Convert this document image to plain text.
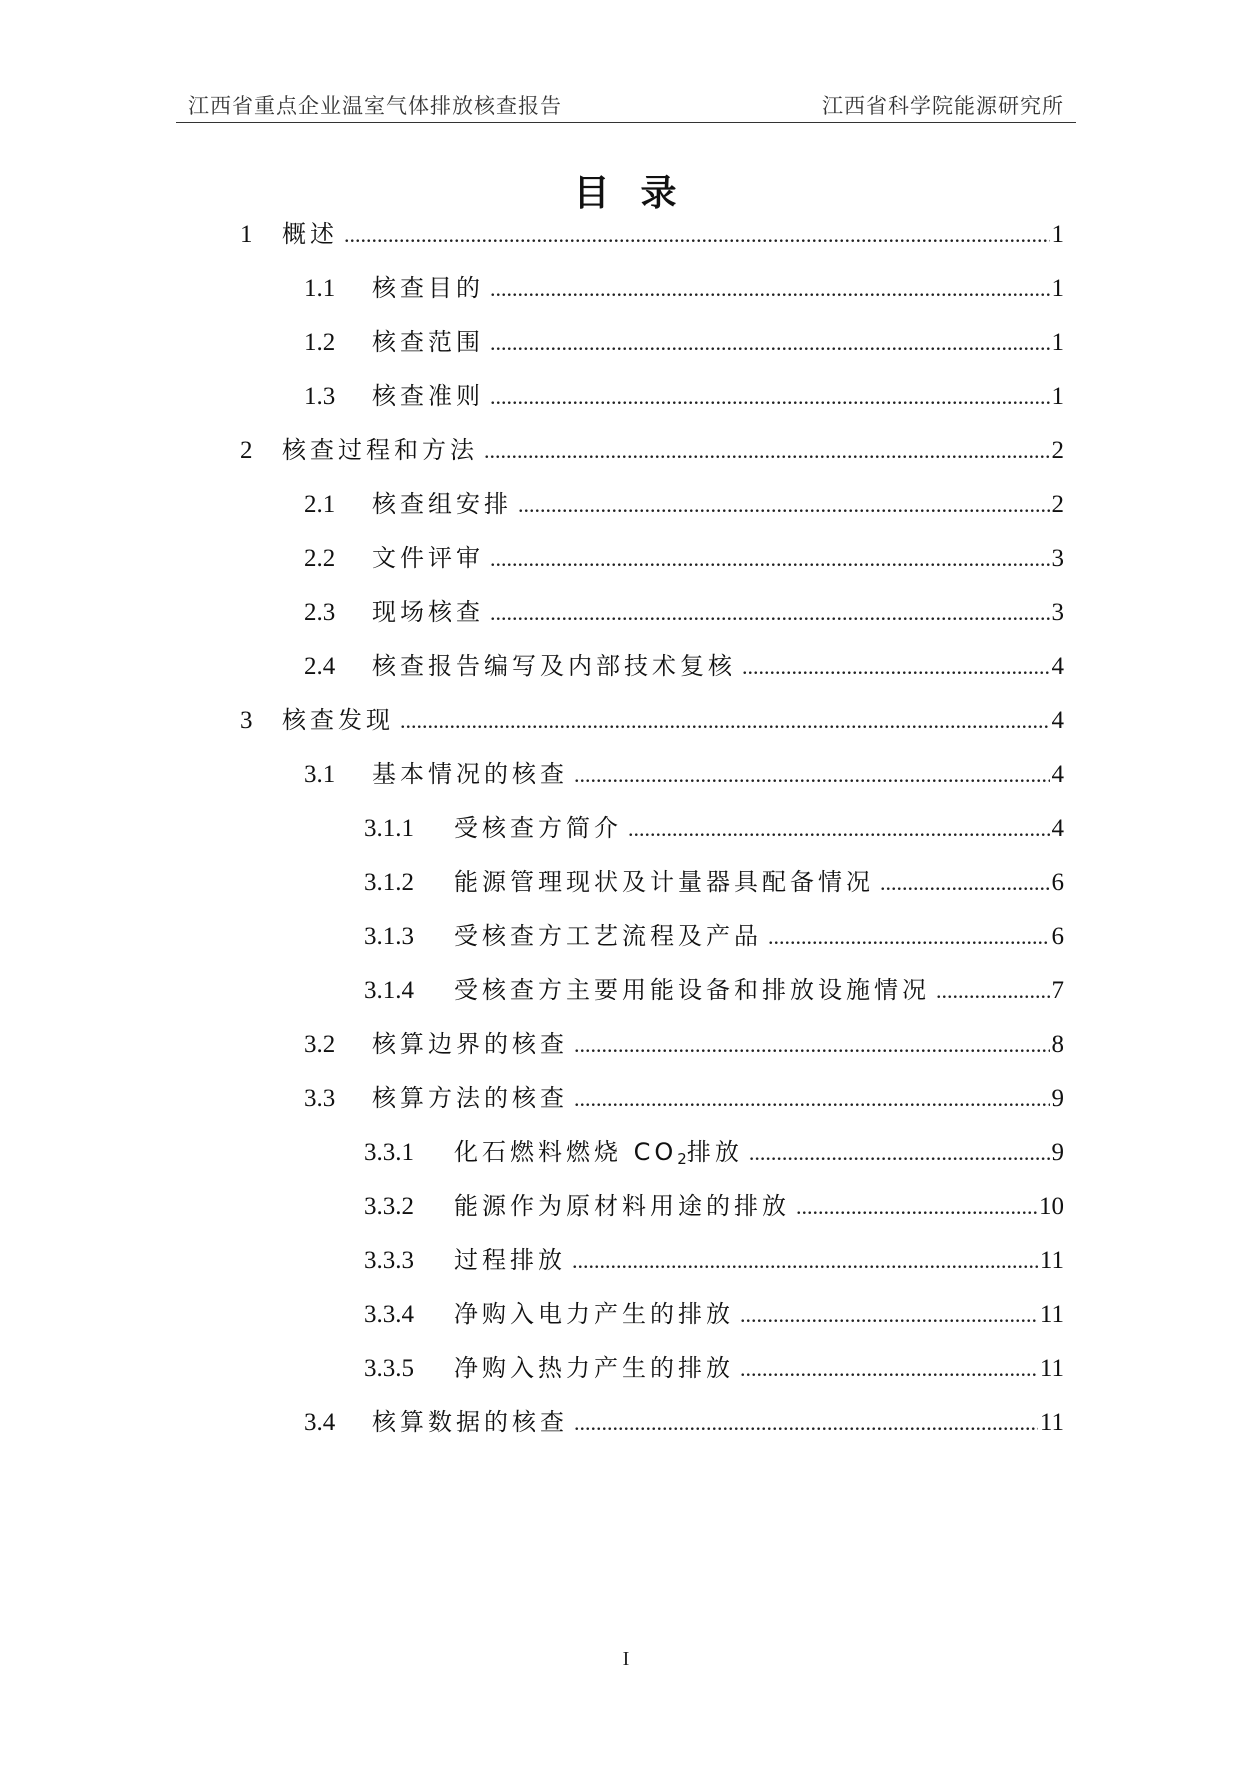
江西省重点企业温室气体排放核查报告	江西省科学院能源研究所
目  录
1	概述 .....	1
1.1	核查目的 .....	1
1.2	核查范围 .....	1
1.3	核查准则 .....	1
2	核查过程和方法 .....	2
2.1	核查组安排 .....	2
2.2	文件评审 .....	3
2.3	现场核查 .....	3
2.4	核查报告编写及内部技术复核 .....	4
3	核查发现 .....	4
3.1	基本情况的核查 .....	4
3.1.1	受核查方简介 .....	4
3.1.2	能源管理现状及计量器具配备情况 .....	6
3.1.3	受核查方工艺流程及产品 .....	6
3.1.4	受核查方主要用能设备和排放设施情况 .....	7
3.2	核算边界的核查 .....	8
3.3	核算方法的核查 .....	9
3.3.1	化石燃料燃烧 $CO_2$排放 .....	9
3.3.2	能源作为原材料用途的排放 .....	10
3.3.3	过程排放 .....	11
3.3.4	净购入电力产生的排放 .....	11
3.3.5	净购入热力产生的排放 .....	11
3.4	核算数据的核查 .....	11
I
